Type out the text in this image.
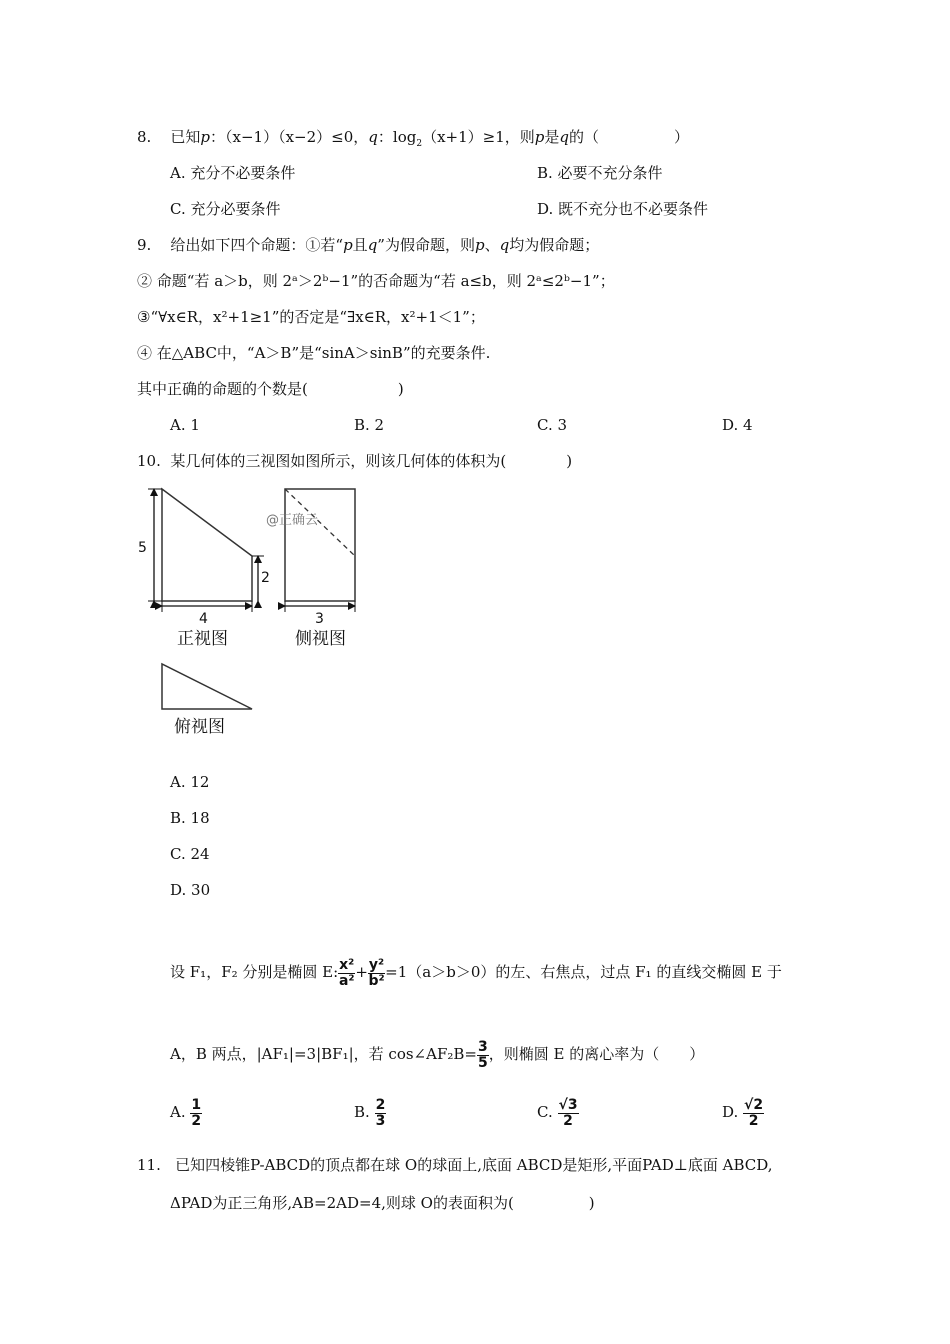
8. 已知p：（x−1）（x−2）≤0，q：$\log_2(x+1)\ge 1$，则p是q的（　　　　　）
A. 充分不必要条件	B. 必要不充分条件
C. 充分必要条件	D. 既不充分也不必要条件
9. 给出如下四个命题：①若“p且q”为假命题，则p、q均为假命题；
② 命题“若 a＞b，则 2ᵃ＞2ᵇ−1”的否命题为“若 a≤b，则 2ᵃ≤2ᵇ−1”；
③“∀x∈R，x²+1≥1”的否定是“∃x∈R，x²+1＜1”；
④ 在△ABC中，“A＞B”是“sinA＞sinB”的充要条件.
其中正确的命题的个数是(　　　　　　)
A. 1	B. 2	C. 3	D. 4
10. 某几何体的三视图如图所示，则该几何体的体积为(　　　　)
5
2
4	3
@正确云
正视图	侧视图
俯视图
A. 12
B. 18
C. 24
D. 30
设 F₁，F₂ 分别是椭圆 E: $\frac{\text{x²}}{\text{a²}} + \frac{\text{y²}}{\text{b²}} =1(a>b>0)$的左、右焦点，过点 F₁ 的直线交椭圆 E 于
A，B 两点，|AF₁|=3|BF₁|，若 cos∠AF₂B= $\frac{3}{5}$ ，则椭圆 E 的离心率为（　　）
A. $\frac{1}{2}$	B. $\frac{2}{3}$	C. $\frac{√3}{2}$	D. $\frac{√2}{2}$
11. 已知四棱锥P-ABCD的顶点都在球 O的球面上,底面 ABCD是矩形,平面PAD⊥底面 ABCD,
ΔPAD为正三角形,AB=2AD=4,则球 O的表面积为(　　　　　)
